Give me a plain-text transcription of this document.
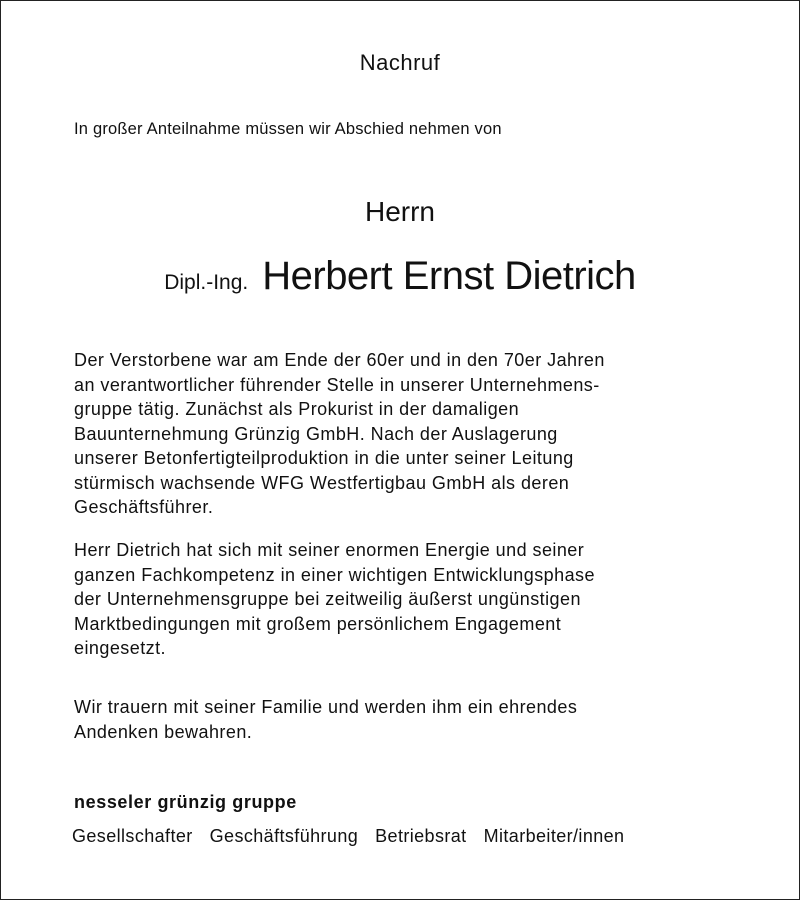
Nachruf
In großer Anteilnahme müssen wir Abschied nehmen von
Herrn
Dipl.-Ing. Herbert Ernst Dietrich
Der Verstorbene war am Ende der 60er und in den 70er Jahren
an verantwortlicher führender Stelle in unserer Unternehmens-
gruppe tätig. Zunächst als Prokurist in der damaligen
Bauunternehmung Grünzig GmbH. Nach der Auslagerung
unserer Betonfertigteilproduktion in die unter seiner Leitung
stürmisch wachsende WFG Westfertigbau GmbH als deren
Geschäftsführer.
Herr Dietrich hat sich mit seiner enormen Energie und seiner
ganzen Fachkompetenz in einer wichtigen Entwicklungsphase
der Unternehmensgruppe bei zeitweilig äußerst ungünstigen
Marktbedingungen mit großem persönlichem Engagement
eingesetzt.
Wir trauern mit seiner Familie und werden ihm ein ehrendes
Andenken bewahren.
nesseler grünzig gruppe
Gesellschafter Geschäftsführung Betriebsrat Mitarbeiter/innen
